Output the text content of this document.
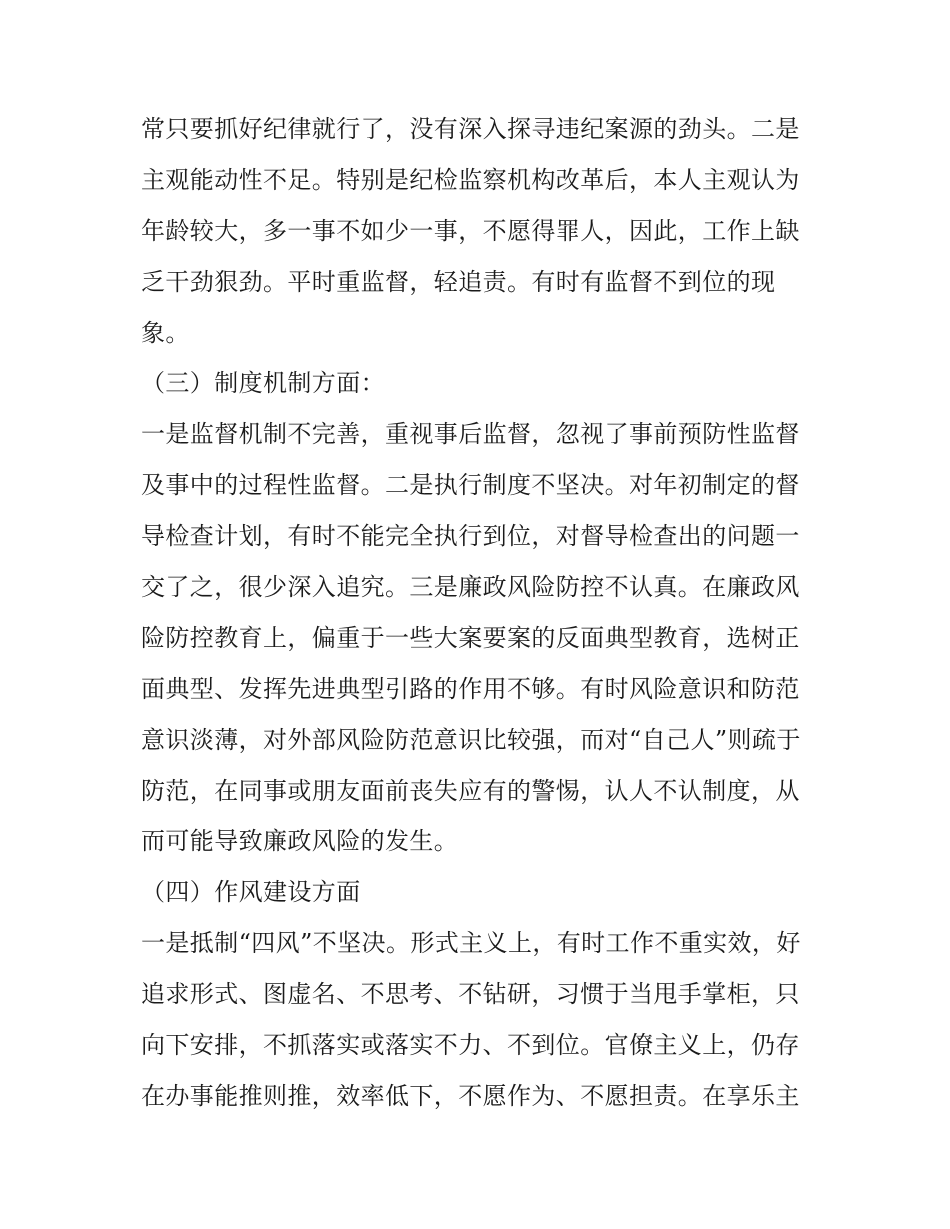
常只要抓好纪律就行了，没有深入探寻违纪案源的劲头。二是
主观能动性不足。特别是纪检监察机构改革后，本人主观认为
年龄较大，多一事不如少一事，不愿得罪人，因此，工作上缺
乏干劲狠劲。平时重监督，轻追责。有时有监督不到位的现
象。
（三）制度机制方面：
一是监督机制不完善，重视事后监督，忽视了事前预防性监督
及事中的过程性监督。二是执行制度不坚决。对年初制定的督
导检查计划，有时不能完全执行到位，对督导检查出的问题一
交了之，很少深入追究。三是廉政风险防控不认真。在廉政风
险防控教育上，偏重于一些大案要案的反面典型教育，选树正
面典型、发挥先进典型引路的作用不够。有时风险意识和防范
意识淡薄，对外部风险防范意识比较强，而对“自己人”则疏于
防范，在同事或朋友面前丧失应有的警惕，认人不认制度，从
而可能导致廉政风险的发生。
（四）作风建设方面
一是抵制“四风”不坚决。形式主义上，有时工作不重实效，好
追求形式、图虚名、不思考、不钻研，习惯于当甩手掌柜，只
向下安排，不抓落实或落实不力、不到位。官僚主义上，仍存
在办事能推则推，效率低下，不愿作为、不愿担责。在享乐主
